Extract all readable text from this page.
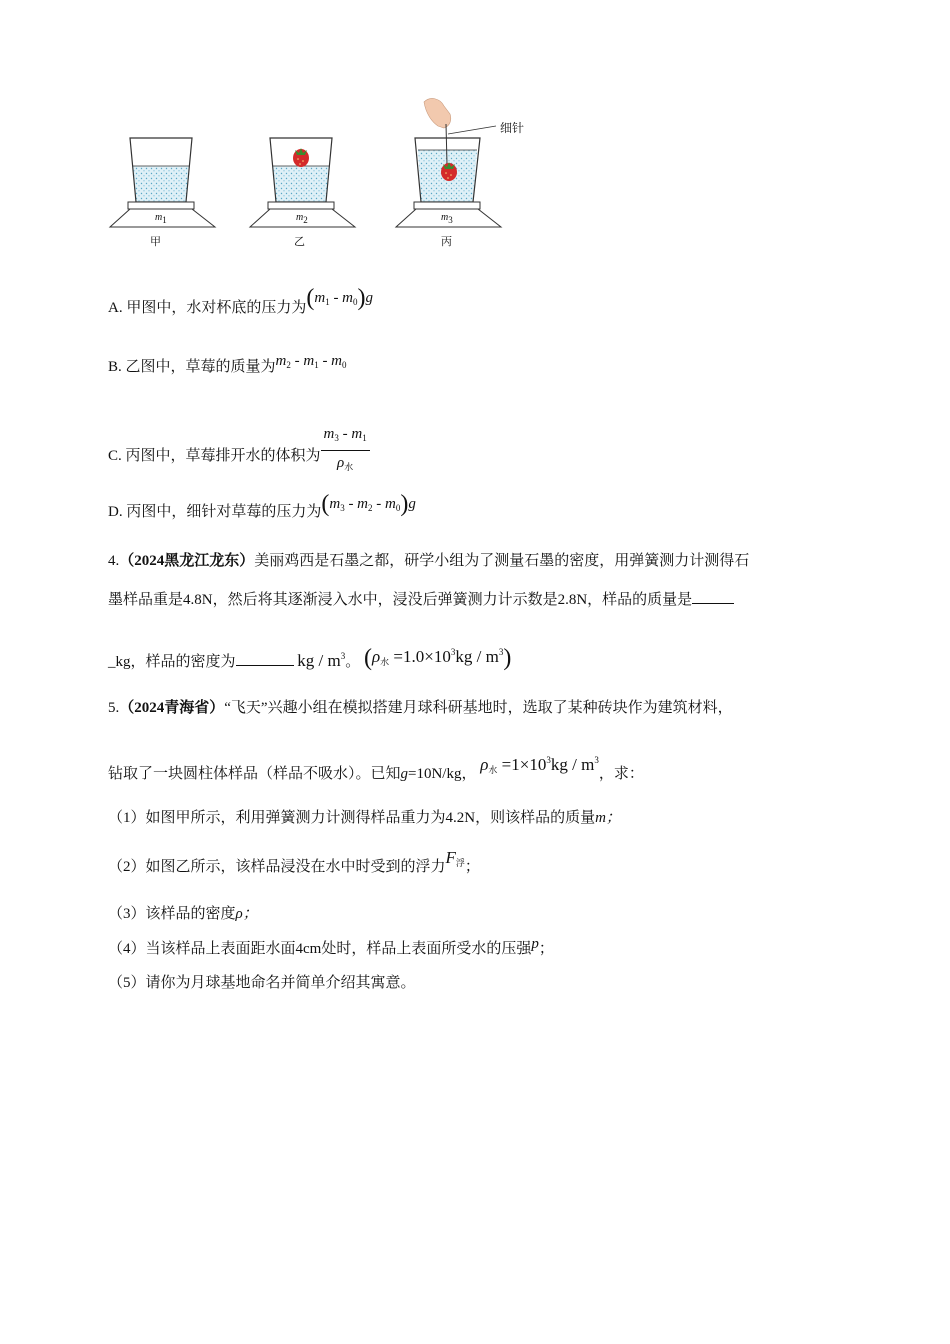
细针
m1	m2	m3
甲	乙	丙
A. 甲图中，水对杯底的压力为$(m_1 - m_0)g$
B. 乙图中，草莓的质量为$m_2 - m_1 - m_0$
C. 丙图中，草莓排开水的体积为 $\frac{m_3 - m_1}{\rho_水}$
D. 丙图中，细针对草莓的压力为$(m_3 - m_2 - m_0)g$
4.（2024黑龙江龙东）美丽鸡西是石墨之都，研学小组为了测量石墨的密度，用弹簧测力计测得石
墨样品重是4.8N，然后将其逐渐浸入水中，浸没后弹簧测力计示数是2.8N，样品的质量是
_kg，样品的密度为	kg / $m^3$。 $(\rho_水 =1.0\times 10^3kg / m^3)$
5.（2024青海省）“飞天”兴趣小组在模拟搭建月球科研基地时，选取了某种砖块作为建筑材料，
钻取了一块圆柱体样品（样品不吸水）。已知g=10N/kg， $\rho_水 =1\times 10^3kg / m^3$，求：
（1）如图甲所示，利用弹簧测力计测得样品重力为4.2N，则该样品的质量m；
（2）如图乙所示，该样品浸没在水中时受到的浮力$F_浮$；
（3）该样品的密度ρ；
（4）当该样品上表面距水面4cm处时，样品上表面所受水的压强p；
（5）请你为月球基地命名并简单介绍其寓意。
